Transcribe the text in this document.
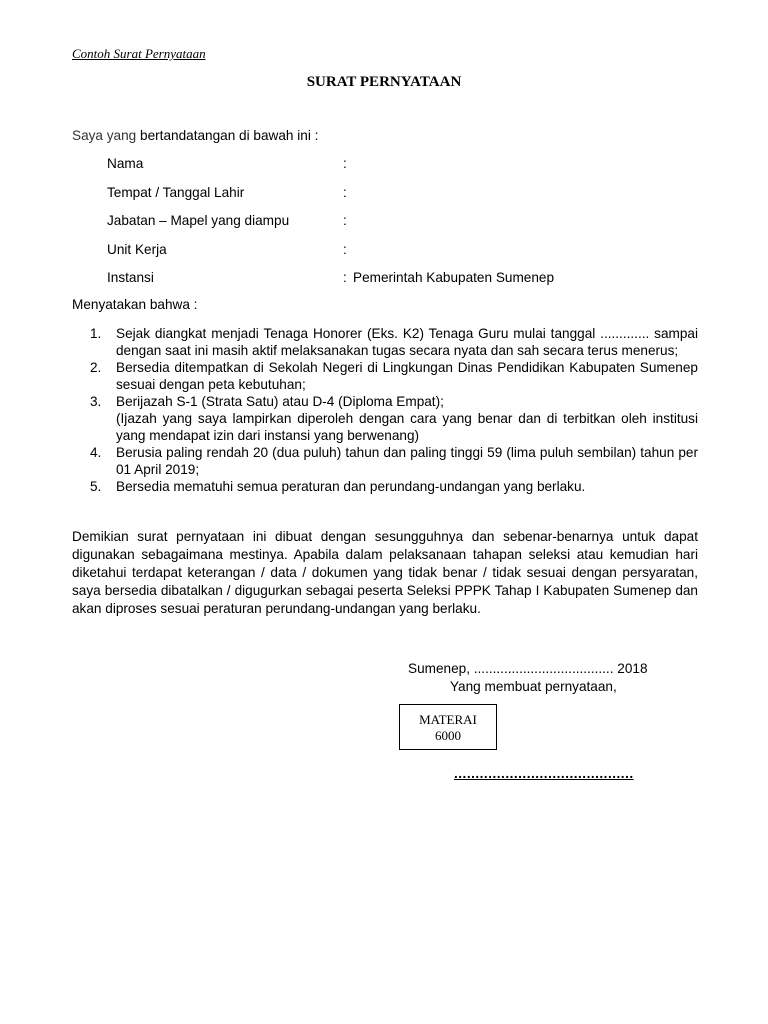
Contoh Surat Pernyataan
SURAT PERNYATAAN
Saya yang bertandatangan di bawah ini :
Nama	:
Tempat / Tanggal Lahir	:
Jabatan – Mapel yang diampu	:
Unit Kerja	:
Instansi	: Pemerintah Kabupaten Sumenep
Menyatakan bahwa :
1. Sejak diangkat menjadi Tenaga Honorer (Eks. K2) Tenaga Guru mulai tanggal ............. sampai dengan saat ini masih aktif melaksanakan tugas secara nyata dan sah secara terus menerus;
2. Bersedia ditempatkan di Sekolah Negeri di Lingkungan Dinas Pendidikan Kabupaten Sumenep sesuai dengan peta kebutuhan;
3. Berijazah S-1 (Strata Satu) atau D-4 (Diploma Empat);
(Ijazah yang saya lampirkan diperoleh dengan cara yang benar dan di terbitkan oleh institusi yang mendapat izin dari instansi yang berwenang)
4. Berusia paling rendah 20 (dua puluh) tahun dan paling tinggi 59 (lima puluh sembilan) tahun per 01 April 2019;
5. Bersedia mematuhi semua peraturan dan perundang-undangan yang berlaku.
Demikian surat pernyataan ini dibuat dengan sesungguhnya dan sebenar-benarnya untuk dapat digunakan sebagaimana mestinya. Apabila dalam pelaksanaan tahapan seleksi atau kemudian hari diketahui terdapat keterangan / data / dokumen yang tidak benar / tidak sesuai dengan persyaratan, saya bersedia dibatalkan / digugurkan sebagai peserta Seleksi PPPK Tahap I Kabupaten Sumenep dan akan diproses sesuai peraturan perundang-undangan yang berlaku.
Sumenep, ..................................... 2018
Yang membuat pernyataan,
MATERAI
6000
..........................................
